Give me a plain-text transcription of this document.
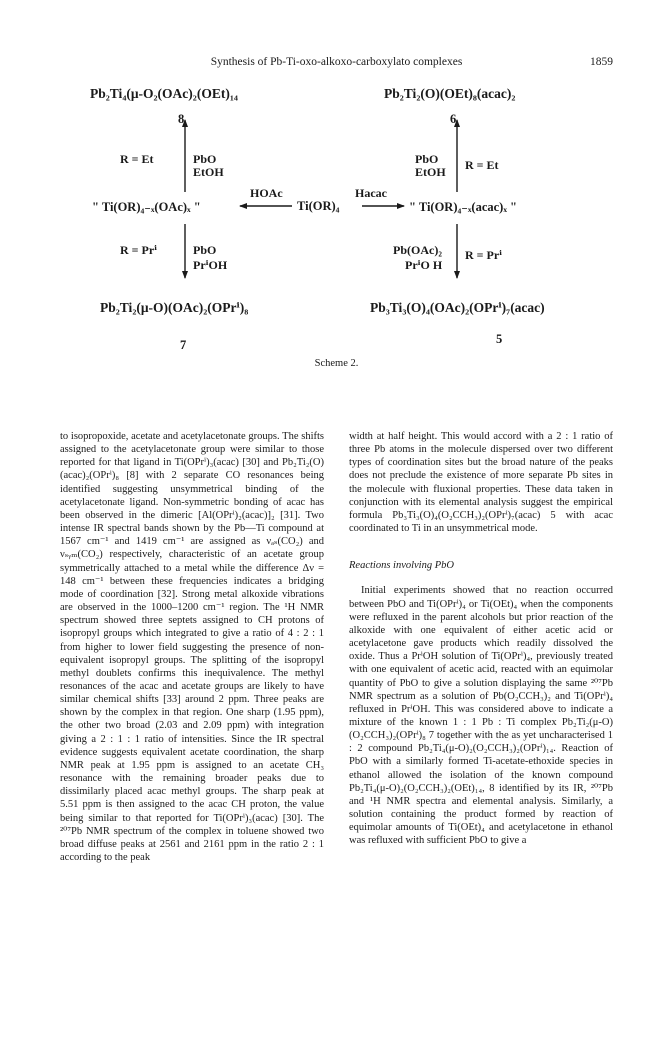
Synthesis of Pb-Ti-oxo-alkoxo-carboxylato complexes	1859
Pb₂Ti₄(μ-O₂(OAc)₂(OEt)₁₄
8
Pb₂Ti₂(O)(OEt)₈(acac)₂
6
R = Et	PbO
EtOH
PbO
EtOH R = Et
HOAc	Hacac
" Ti(OR)₄₋ₓ(OAc)ₓ "	Ti(OR)₄	" Ti(OR)₄₋ₓ(acac)ₓ "
R = Prⁱ	PbO
PrⁱOH
Pb(OAc)₂
PrⁱO H
R = Prⁱ
Pb₂Ti₂(μ-O)(OAc)₂(OPrⁱ)₈
7
Pb₃Ti₃(O)₄(OAc)₂(OPrⁱ)₇(acac)
5
Scheme 2.

to isopropoxide, acetate and acetylacetonate groups. The shifts assigned to the acetylacetonate group were similar to those reported for that ligand in Ti(OPrⁱ)₃(acac) [30] and Pb₂Ti₂(O)(acac)₂(OPrⁱ)₈ [8] with 2 separate CO resonances being identified suggesting unsymmetrical binding of the acetylacetonate ligand. Non-symmetric bonding of acac has been observed in the dimeric [Al(OPrⁱ)₂(acac)]₂ [31]. Two intense IR spectral bands shown by the Pb—Ti compound at 1567 cm⁻¹ and 1419 cm⁻¹ are assigned as νₐₛ(CO₂) and νₛᵧₘ(CO₂) respectively, characteristic of an acetate group symmetrically attached to a metal while the difference Δν = 148 cm⁻¹ between these frequencies indicates a bridging mode of coordination [32]. Strong metal alkoxide vibrations are observed in the 1000–1200 cm⁻¹ region. The ¹H NMR spectrum showed three septets assigned to CH protons of isopropyl groups which integrated to give a ratio of 4 : 2 : 1 from higher to lower field suggesting the presence of non-equivalent isopropyl groups. The splitting of the isopropyl methyl doublets confirms this inequivalence. The methyl resonances of the acac and acetate groups are likely to have similar chemical shifts [33] around 2 ppm. Three peaks are shown by the complex in that region. One sharp (1.95 ppm), the other two broad (2.03 and 2.09 ppm) with integration giving a 2 : 1 : 1 ratio of intensities. Since the IR spectral evidence suggests equivalent acetate coordination, the sharp NMR peak at 1.95 ppm is assigned to an acetate CH₃ resonance with the remaining broader peaks due to dissimilarly placed acac methyl groups. The sharp peak at 5.51 ppm is then assigned to the acac CH proton, the value being similar to that reported for Ti(OPrⁱ)₃(acac) [30]. The ²⁰⁷Pb NMR spectrum of the complex in toluene showed two broad diffuse peaks at 2561 and 2161 ppm in the ratio 2 : 1 according to the peak

width at half height. This would accord with a 2 : 1 ratio of three Pb atoms in the molecule dispersed over two different types of coordination sites but the broad nature of the peaks does not preclude the existence of more separate Pb sites in the molecule with fluxional properties. These data taken in conjunction with its elemental analysis suggest the empirical formula Pb₃Ti₃(O)₄(O₂CCH₃)₂(OPrⁱ)₇(acac) 5 with acac coordinated to Ti in an unsymmetrical mode.

Reactions involving PbO

Initial experiments showed that no reaction occurred between PbO and Ti(OPrⁱ)₄ or Ti(OEt)₄ when the components were refluxed in the parent alcohols but prior reaction of the alkoxide with one equivalent of either acetic acid or acetylacetone gave products which readily dissolved the oxide. Thus a PrⁱOH solution of Ti(OPrⁱ)₄, previously treated with one equivalent of acetic acid, reacted with an equimolar quantity of PbO to give a solution displaying the same ²⁰⁷Pb NMR spectrum as a solution of Pb(O₂CCH₃)₂ and Ti(OPrⁱ)₄ refluxed in PrⁱOH. This was considered above to indicate a mixture of the known 1 : 1 Pb : Ti complex Pb₂Ti₂(μ-O)(O₂CCH₃)₂(OPrⁱ)₈ 7 together with the as yet uncharacterised 1 : 2 compound Pb₂Ti₄(μ-O)₂(O₂CCH₃)₂(OPrⁱ)₁₄. Reaction of PbO with a similarly formed Ti-acetate-ethoxide species in ethanol allowed the isolation of the known compound Pb₂Ti₄(μ-O)₂(O₂CCH₃)₂(OEt)₁₄, 8 identified by its IR, ²⁰⁷Pb and ¹H NMR spectra and elemental analysis. Similarly, a solution containing the product formed by reaction of equimolar amounts of Ti(OEt)₄ and acetylacetone in ethanol was refluxed with sufficient PbO to give a
